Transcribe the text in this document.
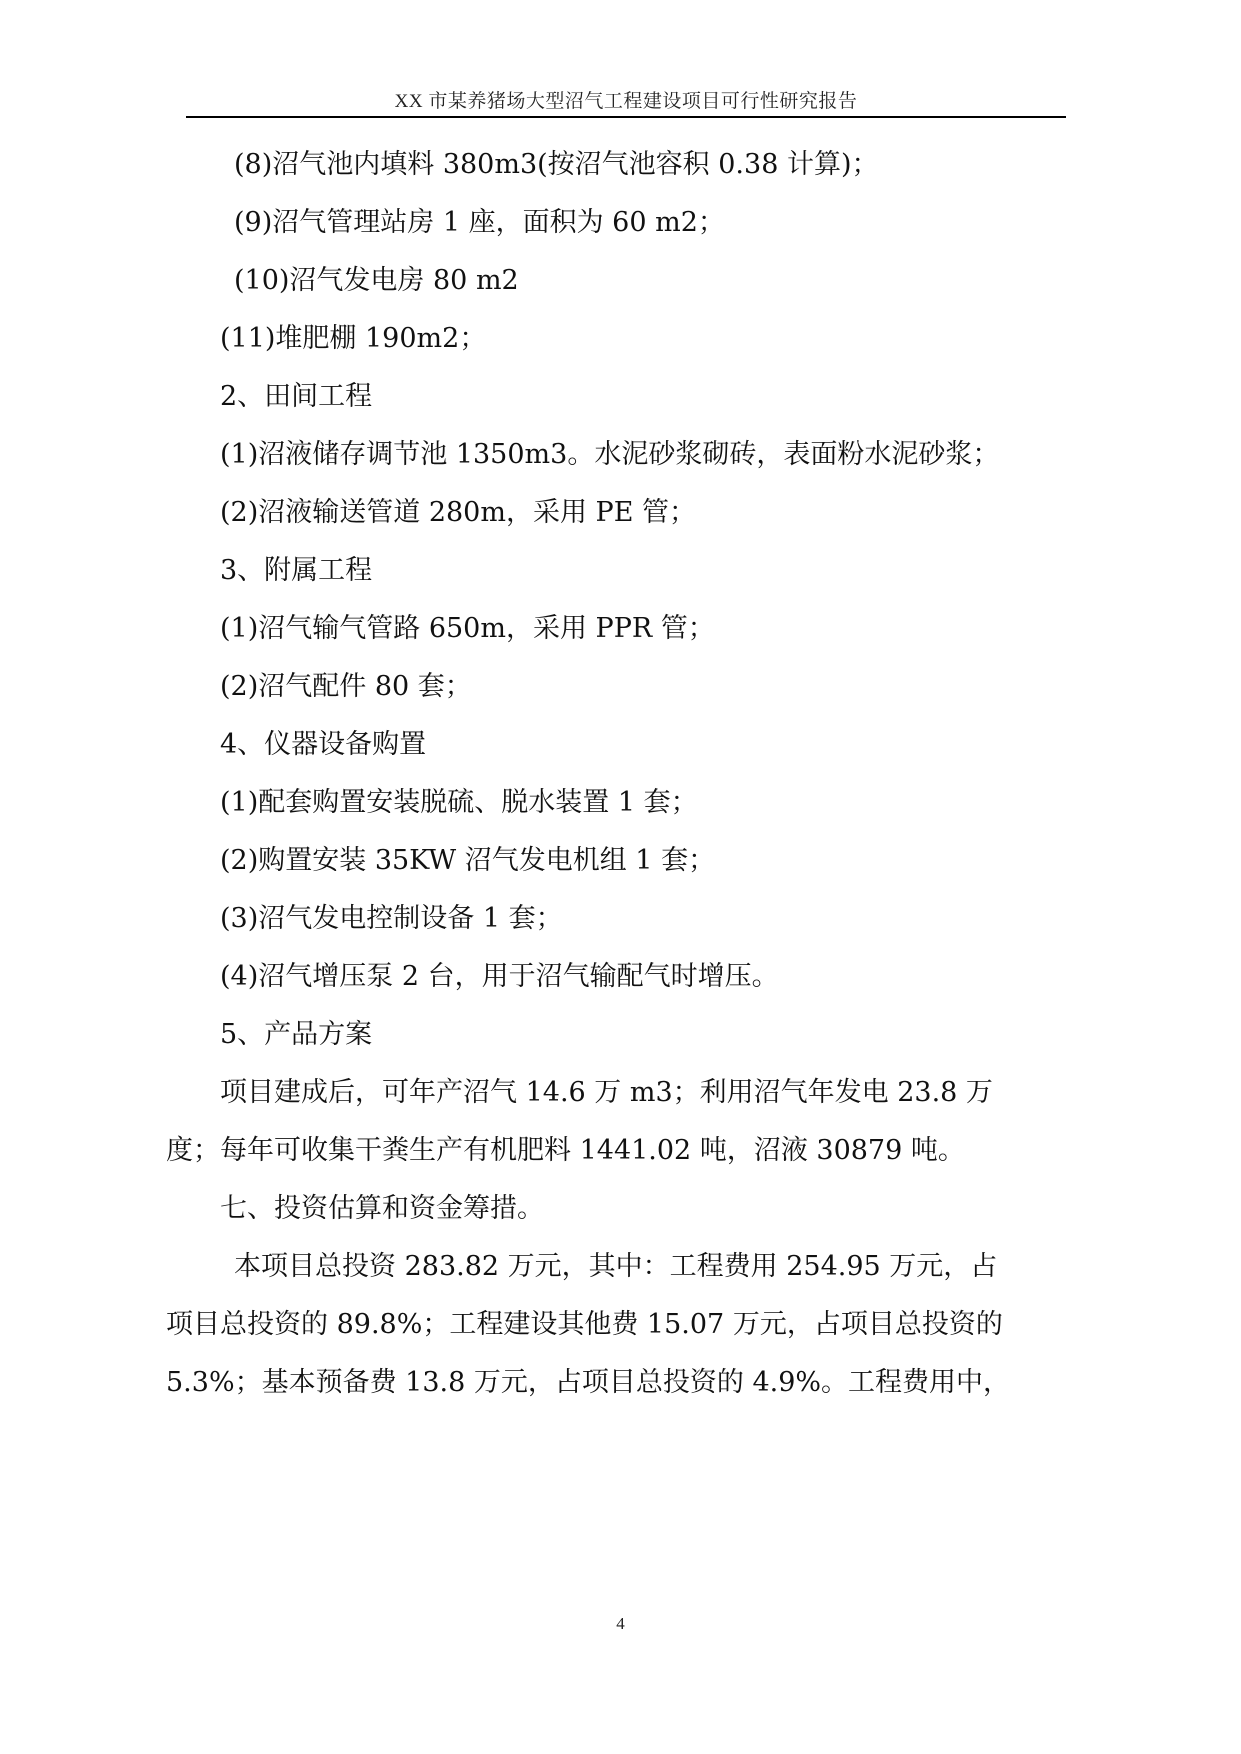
XX 市某养猪场大型沼气工程建设项目可行性研究报告
(8)沼气池内填料 380m3(按沼气池容积 0.38 计算)；
(9)沼气管理站房 1 座，面积为 60 m2；
(10)沼气发电房 80 m2
(11)堆肥棚 190m2；
2、田间工程
(1)沼液储存调节池 1350m3。水泥砂浆砌砖，表面粉水泥砂浆；
(2)沼液输送管道 280m，采用 PE 管；
3、附属工程
(1)沼气输气管路 650m，采用 PPR 管；
(2)沼气配件 80 套；
4、仪器设备购置
(1)配套购置安装脱硫、脱水装置 1 套；
(2)购置安装 35KW 沼气发电机组 1 套；
(3)沼气发电控制设备 1 套；
(4)沼气增压泵 2 台，用于沼气输配气时增压。
5、产品方案
项目建成后，可年产沼气 14.6 万 m3；利用沼气年发电 23.8 万
度；每年可收集干粪生产有机肥料 1441.02 吨，沼液 30879 吨。
七、投资估算和资金筹措。
本项目总投资 283.82 万元，其中：工程费用 254.95 万元，占
项目总投资的 89.8%；工程建设其他费 15.07 万元，占项目总投资的
5.3%；基本预备费 13.8 万元，占项目总投资的 4.9%。工程费用中，
4
